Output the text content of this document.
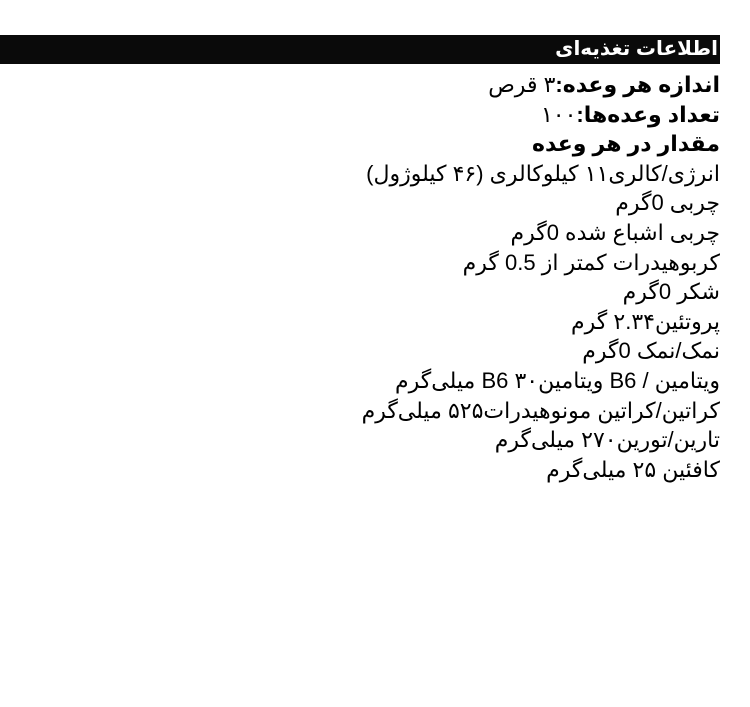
اطلاعات تغذیه‌ای
اندازه هر وعده:۳ قرص
تعداد وعده‌ها:۱۰۰
مقدار در هر وعده
انرژی/کالری۱۱ کیلوکالری (۴۶ کیلوژول)
چربی 0گرم
چربی اشباع شده 0گرم
کربوهیدرات کمتر از 0.5 گرم
شکر 0گرم
پروتئین۲.۳۴ گرم
نمک/نمک 0گرم
ویتامین / B6 ویتامینB6 ۳۰ میلی‌گرم
کراتین/کراتین مونوهیدرات۵۲۵ میلی‌گرم
تارین/تورین۲۷۰ میلی‌گرم
کافئین ۲۵ میلی‌گرم
